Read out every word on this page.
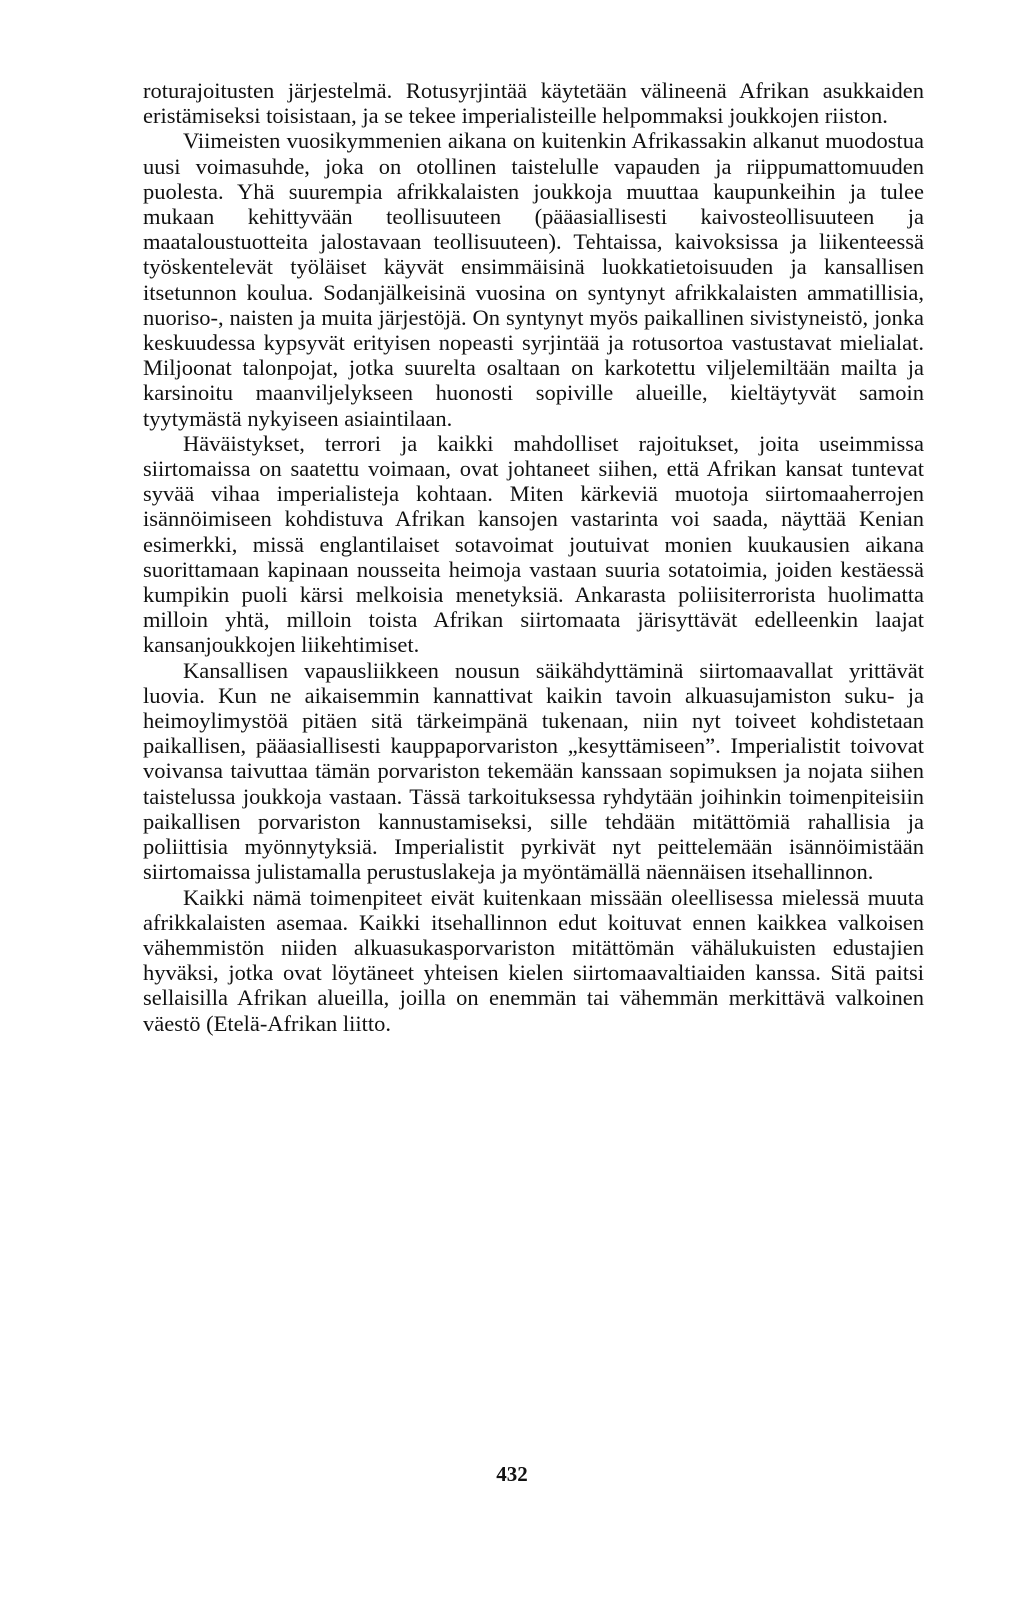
roturajoitusten järjestelmä. Rotusyrjintää käytetään välineenä Afrikan asukkaiden eristämiseksi toisistaan, ja se tekee imperialisteille helpommaksi joukkojen riiston.

Viimeisten vuosikymmenien aikana on kuitenkin Afrikassakin alkanut muodostua uusi voimasuhde, joka on otollinen taistelulle vapauden ja riippumattomuuden puolesta. Yhä suurempia afrikkalaisten joukkoja muuttaa kaupunkeihin ja tulee mukaan kehittyvään teollisuuteen (pääasiallisesti kaivosteollisuuteen ja maataloustuotteita jalostavaan teollisuuteen). Tehtaissa, kaivoksissa ja liikenteessä työskentelevät työläiset käyvät ensimmäisinä luokkatietoisuuden ja kansallisen itsetunnon koulua. Sodanjälkeisinä vuosina on syntynyt afrikkalaisten ammatillisia, nuoriso-, naisten ja muita järjestöjä. On syntynyt myös paikallinen sivistyneistö, jonka keskuudessa kypsyvät erityisen nopeasti syrjintää ja rotusortoa vastustavat mielialat. Miljoonat talonpojat, jotka suurelta osaltaan on karkotettu viljelemiltään mailta ja karsinoitu maanviljelykseen huonosti sopiville alueille, kieltäytyvät samoin tyytymästä nykyiseen asiaintilaan.

Häväistykset, terrori ja kaikki mahdolliset rajoitukset, joita useimmissa siirtomaissa on saatettu voimaan, ovat johtaneet siihen, että Afrikan kansat tuntevat syvää vihaa imperialisteja kohtaan. Miten kärkeviä muotoja siirtomaaherrojen isännöimiseen kohdistuva Afrikan kansojen vastarinta voi saada, näyttää Kenian esimerkki, missä englantilaiset sotavoimat joutuivat monien kuukausien aikana suorittamaan kapinaan nousseita heimoja vastaan suuria sotatoimia, joiden kestäessä kumpikin puoli kärsi melkoisia menetyksiä. Ankarasta poliisiterrorista huolimatta milloin yhtä, milloin toista Afrikan siirtomaata järisyttävät edelleenkin laajat kansanjoukkojen liikehtimiset.

Kansallisen vapausliikkeen nousun säikähdyttäminä siirtomaavallat yrittävät luovia. Kun ne aikaisemmin kannattivat kaikin tavoin alkuasujamiston suku- ja heimoylimystöä pitäen sitä tärkeimpänä tukenaan, niin nyt toiveet kohdistetaan paikallisen, pääasiallisesti kauppaporvariston „kesyttämiseen”. Imperialistit toivovat voivansa taivuttaa tämän porvariston tekemään kanssaan sopimuksen ja nojata siihen taistelussa joukkoja vastaan. Tässä tarkoituksessa ryhdytään joihinkin toimenpiteisiin paikallisen porvariston kannustamiseksi, sille tehdään mitättömiä rahallisia ja poliittisia myönnytyksiä. Imperialistit pyrkivät nyt peittelemään isännöimistään siirtomaissa julistamalla perustuslakeja ja myöntämällä näennäisen itsehallinnon.

Kaikki nämä toimenpiteet eivät kuitenkaan missään oleellisessa mielessä muuta afrikkalaisten asemaa. Kaikki itsehallinnon edut koituvat ennen kaikkea valkoisen vähemmistön niiden alkuasukasporvariston mitättömän vähälukuisten edustajien hyväksi, jotka ovat löytäneet yhteisen kielen siirtomaavaltiaiden kanssa. Sitä paitsi sellaisilla Afrikan alueilla, joilla on enemmän tai vähemmän merkittävä valkoinen väestö (Etelä-Afrikan liitto.

432
